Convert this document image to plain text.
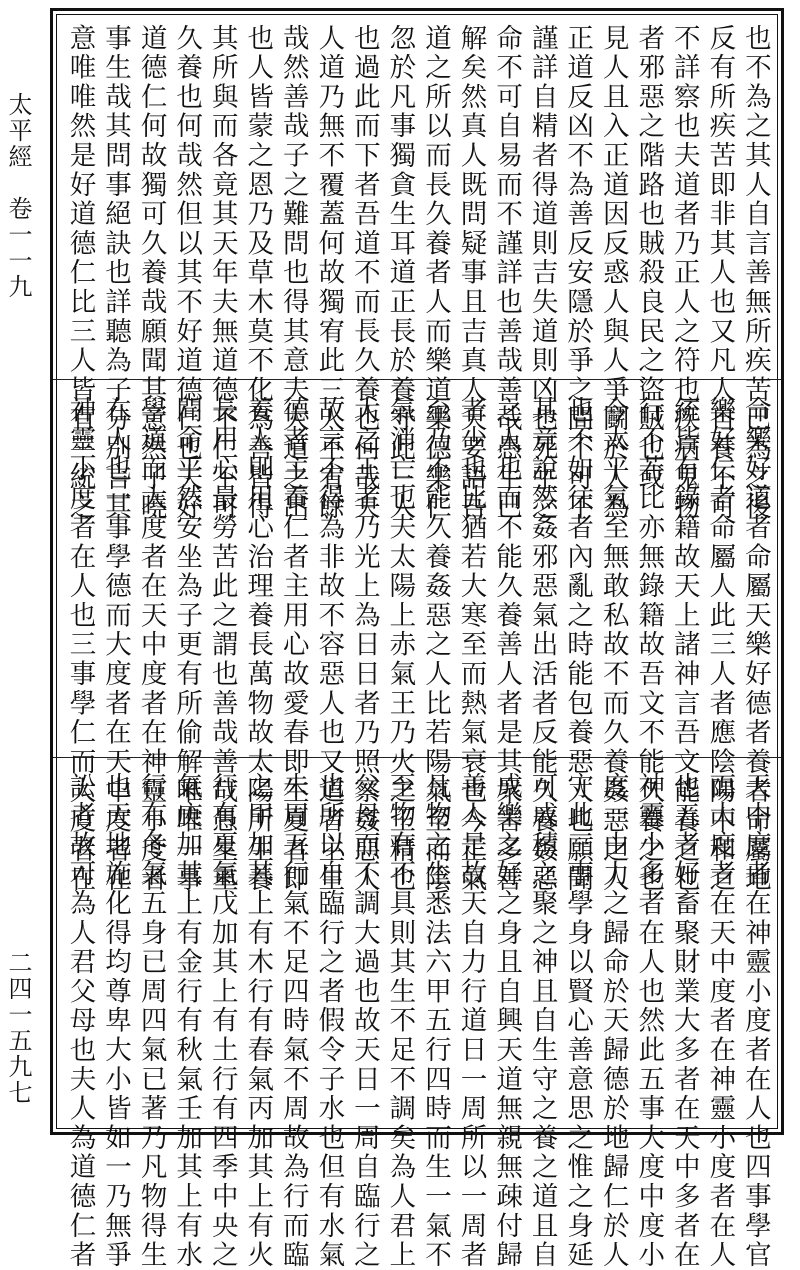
太平經　卷一一九
二四一五九七
也不為之其人自言善無所疾苦己為之後
反有所疾苦即非其人也又凡人自養不可
不詳察也夫道者乃正人之符也疾病鬼物
者邪惡之階路也賊殺良民之盜賊也或
見人且入正道因反惑人與人爭鬭於人為
正道反凶不為善反安隱於爭之間不可不
謹詳自精者得道則吉失道則凶也死生之
命不可自易而不謹詳也善哉善哉愚生已
解矣然真人既問疑事且吉真人天要語吾
道之所以而長久養者人而樂道樂德樂仁
忽於凡事獨貪生耳道正長於養守此三人
也過此而下者吾道不而長久養也何哉夫
人道乃無不覆蓋何故獨宥此三人不宥餘
哉然善哉子之難問也得其意夫大道之出
也人皆蒙之恩乃及草木莫不化為善皆得
其所與而各竟其天年夫無道德不仁不可
久養也何哉然但以其不好道德仁也夫好
道德仁何故獨可久養哉願聞其意然子曉
事生哉其問事絕訣也詳聽為子分別言其
意唯唯然是好道德仁比三人皆有三統之
命樂好道者命屬天樂好德者養者命屬地
樂好仁者命屬人此三人者應陰陽中和之
統皆有錄籍故天上諸神言吾文能養之也
行不若比亦無錄籍故吾文不能久養之也
今太平氣至無敢私故不而久養姦惡之人
也不如往者內亂之時能包養惡人也願聞
其竟說然姦邪惡氣出活者反能久養姦惡
之人也而不能久養善人者是其衆害多善
者少也比猶若大寒至而熱氣衰也今正氣
至乃不能久養姦惡之人比若陽氣至而陰
氣消亡也夫太陽上赤氣王乃火之王精也
大之王者乃光上為日日者乃照察姦惡人
故言不得為非故不容惡人也又道者主生
德者主養仁者主用心故愛春即生夏者即
養人則用心治理養長萬物故太陽所生養
長用心最勞苦此之謂也善哉善哉愚生重
聞命乎然安坐為子更有所偷解唯唯一事
學道而大度者在天中度者在神靈小度者
在人也一事學德而大度者在天中度者在
神靈小度者在人也三事學仁而大度者在
天中度者在神靈小度者在人也四事學官
而大度者在天中度者在神靈小度者在人
也五者好畜聚財業大多者在天中多者在
神靈小多者在人也然此五事大度中度小
度一由力之歸命於天歸德於地歸仁於人
守此三事學身以賢心善意思之惟之身延
可成積之聚之神且自生守之養之道且自
成樂之好之身且自興天道無親無疎付歸
善人是故天自力行道日一周所以一周者
凡物之生悉法六甲五行四時而生一氣不
至物有不具則其生不足不調矣為人君上
父母而不調大過也故天日一周自臨行之
也所以自臨行之者假令子水也但有水氣
未周五行氣不足四時氣不周故為行而臨
之甲加其上有木行有春氣丙加其上有火
行有夏氣戊加其上有土行有四季中央之
氣庚加其上有金行有秋氣壬加其上有水
行有冬氣五身已周四氣已著乃凡物得生
也天地施化得均尊卑大小皆如一乃無爭
訟者故可為人君父母也夫人為道德仁者
